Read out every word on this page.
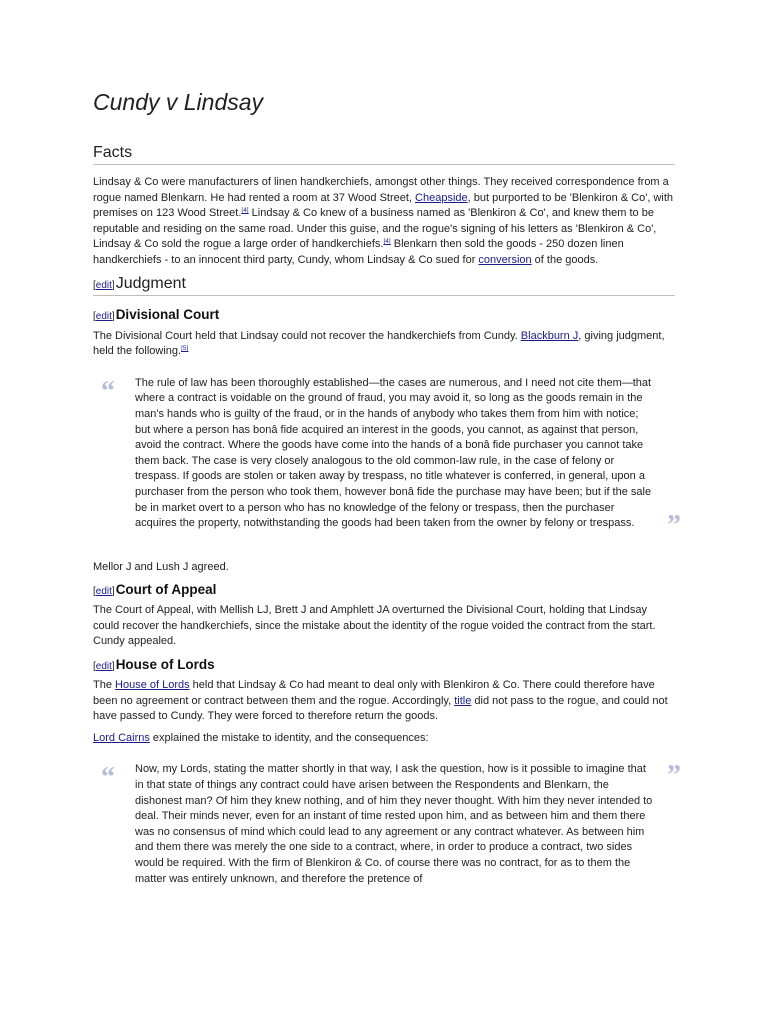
Cundy v Lindsay
Facts

Lindsay & Co were manufacturers of linen handkerchiefs, amongst other things. They received correspondence from a rogue named Blenkarn. He had rented a room at 37 Wood Street, Cheapside, but purported to be 'Blenkiron & Co', with premises on 123 Wood Street.[4] Lindsay & Co knew of a business named as 'Blenkiron & Co', and knew them to be reputable and residing on the same road. Under this guise, and the rogue's signing of his letters as 'Blenkiron & Co', Lindsay & Co sold the rogue a large order of handkerchiefs.[4] Blenkarn then sold the goods - 250 dozen linen handkerchiefs - to an innocent third party, Cundy, whom Lindsay & Co sued for conversion of the goods.

[edit] Judgment
[edit] Divisional Court

The Divisional Court held that Lindsay could not recover the handkerchiefs from Cundy. Blackburn J, giving judgment, held the following.[5]

“ The rule of law has been thoroughly established—the cases are numerous, and I need not cite them—that where a contract is voidable on the ground of fraud, you may avoid it, so long as the goods remain in the man's hands who is guilty of the fraud, or in the hands of anybody who takes them from him with notice; but where a person has bonâ fide acquired an interest in the goods, you cannot, as against that person, avoid the contract. Where the goods have come into the hands of a bonâ fide purchaser you cannot take them back. The case is very closely analogous to the old common-law rule, in the case of felony or trespass. If goods are stolen or taken away by trespass, no title whatever is conferred, in general, upon a purchaser from the person who took them, however bonâ fide the purchase may have been; but if the sale be in market overt to a person who has no knowledge of the felony or trespass, then the purchaser acquires the property, notwithstanding the goods had been taken from the owner by felony or trespass.	”

Mellor J and Lush J agreed.

[edit] Court of Appeal

The Court of Appeal, with Mellish LJ, Brett J and Amphlett JA overturned the Divisional Court, holding that Lindsay could recover the handkerchiefs, since the mistake about the identity of the rogue voided the contract from the start. Cundy appealed.

[edit] House of Lords

The House of Lords held that Lindsay & Co had meant to deal only with Blenkiron & Co. There could therefore have been no agreement or contract between them and the rogue. Accordingly, title did not pass to the rogue, and could not have passed to Cundy. They were forced to therefore return the goods.

Lord Cairns explained the mistake to identity, and the consequences:

“ Now, my Lords, stating the matter shortly in that way, I ask the question, how is it possible to imagine that in that state of things any contract could have arisen between the Respondents and Blenkarn, the dishonest man? Of him they knew nothing, and of him they never thought. With him they never intended to deal. Their minds never, even for an instant of time rested upon him, and as between him and them there was no consensus of mind which could lead to any agreement or any contract whatever. As between him and them there was merely the one side to a contract, where, in order to produce a contract, two sides would be required. With the firm of Blenkiron & Co. of course there was no contract, for as to them the matter was entirely unknown, and therefore the pretence of

”
